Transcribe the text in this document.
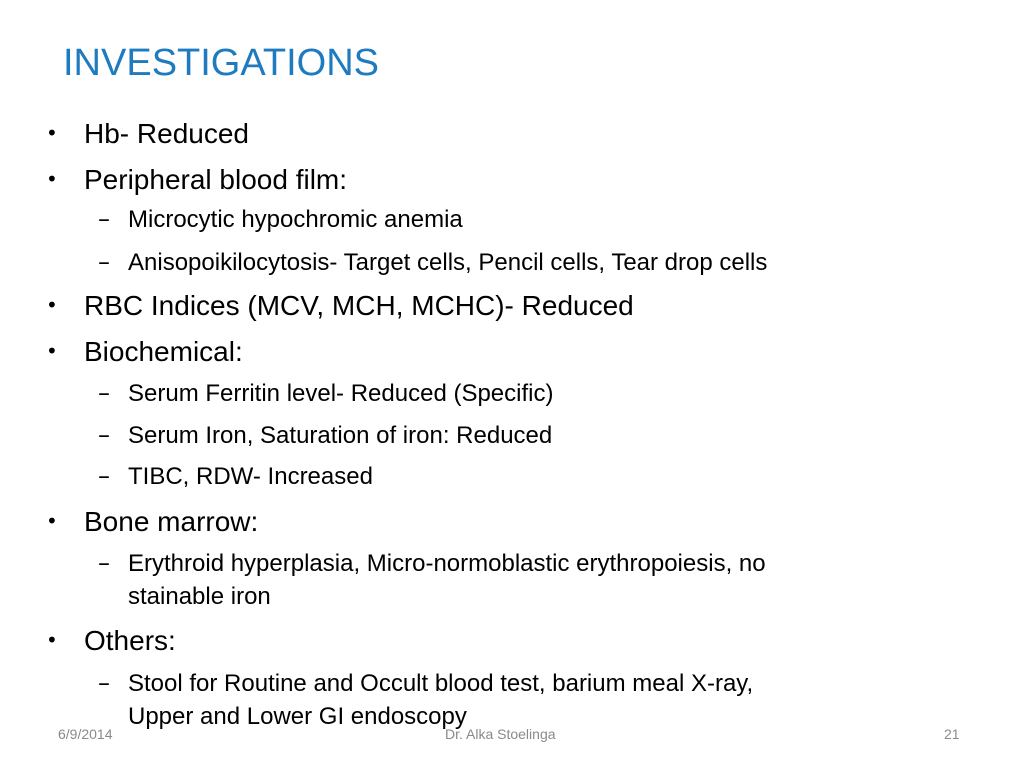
INVESTIGATIONS
• Hb- Reduced
• Peripheral blood film:
– Microcytic hypochromic anemia
– Anisopoikilocytosis- Target cells, Pencil cells, Tear drop cells
• RBC Indices (MCV, MCH, MCHC)- Reduced
• Biochemical:
– Serum Ferritin level- Reduced (Specific)
– Serum Iron, Saturation of iron: Reduced
– TIBC, RDW- Increased
• Bone marrow:
– Erythroid hyperplasia, Micro-normoblastic erythropoiesis, no
stainable iron
• Others:
– Stool for Routine and Occult blood test, barium meal X-ray,
Upper and Lower GI endoscopy
6/9/2014	Dr. Alka Stoelinga	21
